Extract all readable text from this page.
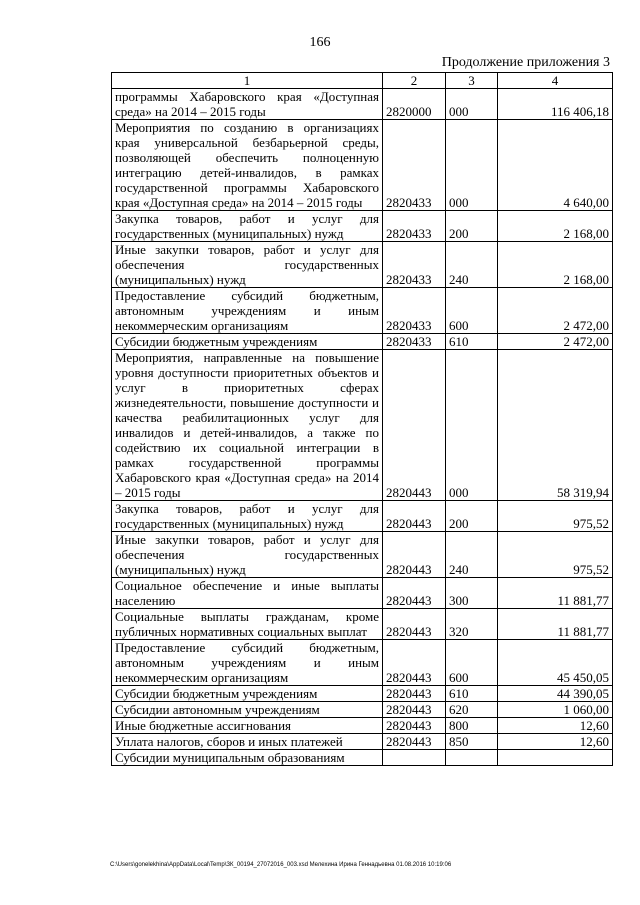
166
Продолжение приложения 3
1	2	3	4
программы Хабаровского края «Доступная среда» на 2014 – 2015 годы	2820000	000	116 406,18
Мероприятия по созданию в организациях края универсальной безбарьерной среды, позволяющей обеспечить полноценную интеграцию детей-инвалидов, в рамках государственной программы Хабаровского края «Доступная среда» на 2014 – 2015 годы	2820433	000	4 640,00
Закупка товаров, работ и услуг для государственных (муниципальных) нужд	2820433	200	2 168,00
Иные закупки товаров, работ и услуг для обеспечения государственных (муниципальных) нужд	2820433	240	2 168,00
Предоставление субсидий бюджетным, автономным учреждениям и иным некоммерческим организациям	2820433	600	2 472,00
Субсидии бюджетным учреждениям	2820433	610	2 472,00
Мероприятия, направленные на повышение уровня доступности приоритетных объектов и услуг в приоритетных сферах жизнедеятельности, повышение доступности и качества реабилитационных услуг для инвалидов и детей-инвалидов, а также по содействию их социальной интеграции в рамках государственной программы Хабаровского края «Доступная среда» на 2014 – 2015 годы	2820443	000	58 319,94
Закупка товаров, работ и услуг для государственных (муниципальных) нужд	2820443	200	975,52
Иные закупки товаров, работ и услуг для обеспечения государственных (муниципальных) нужд	2820443	240	975,52
Социальное обеспечение и иные выплаты населению	2820443	300	11 881,77
Социальные выплаты гражданам, кроме публичных нормативных социальных выплат	2820443	320	11 881,77
Предоставление субсидий бюджетным, автономным учреждениям и иным некоммерческим организациям	2820443	600	45 450,05
Субсидии бюджетным учреждениям	2820443	610	44 390,05
Субсидии автономным учреждениям	2820443	620	1 060,00
Иные бюджетные ассигнования	2820443	800	12,60
Уплата налогов, сборов и иных платежей	2820443	850	12,60
Субсидии муниципальным образованиям			
C:\Users\gonelekhina\AppData\Local\Temp\ЗК_00194_27072016_003.xsd Мелехина Ирина Геннадьевна 01.08.2016 10:19:06
